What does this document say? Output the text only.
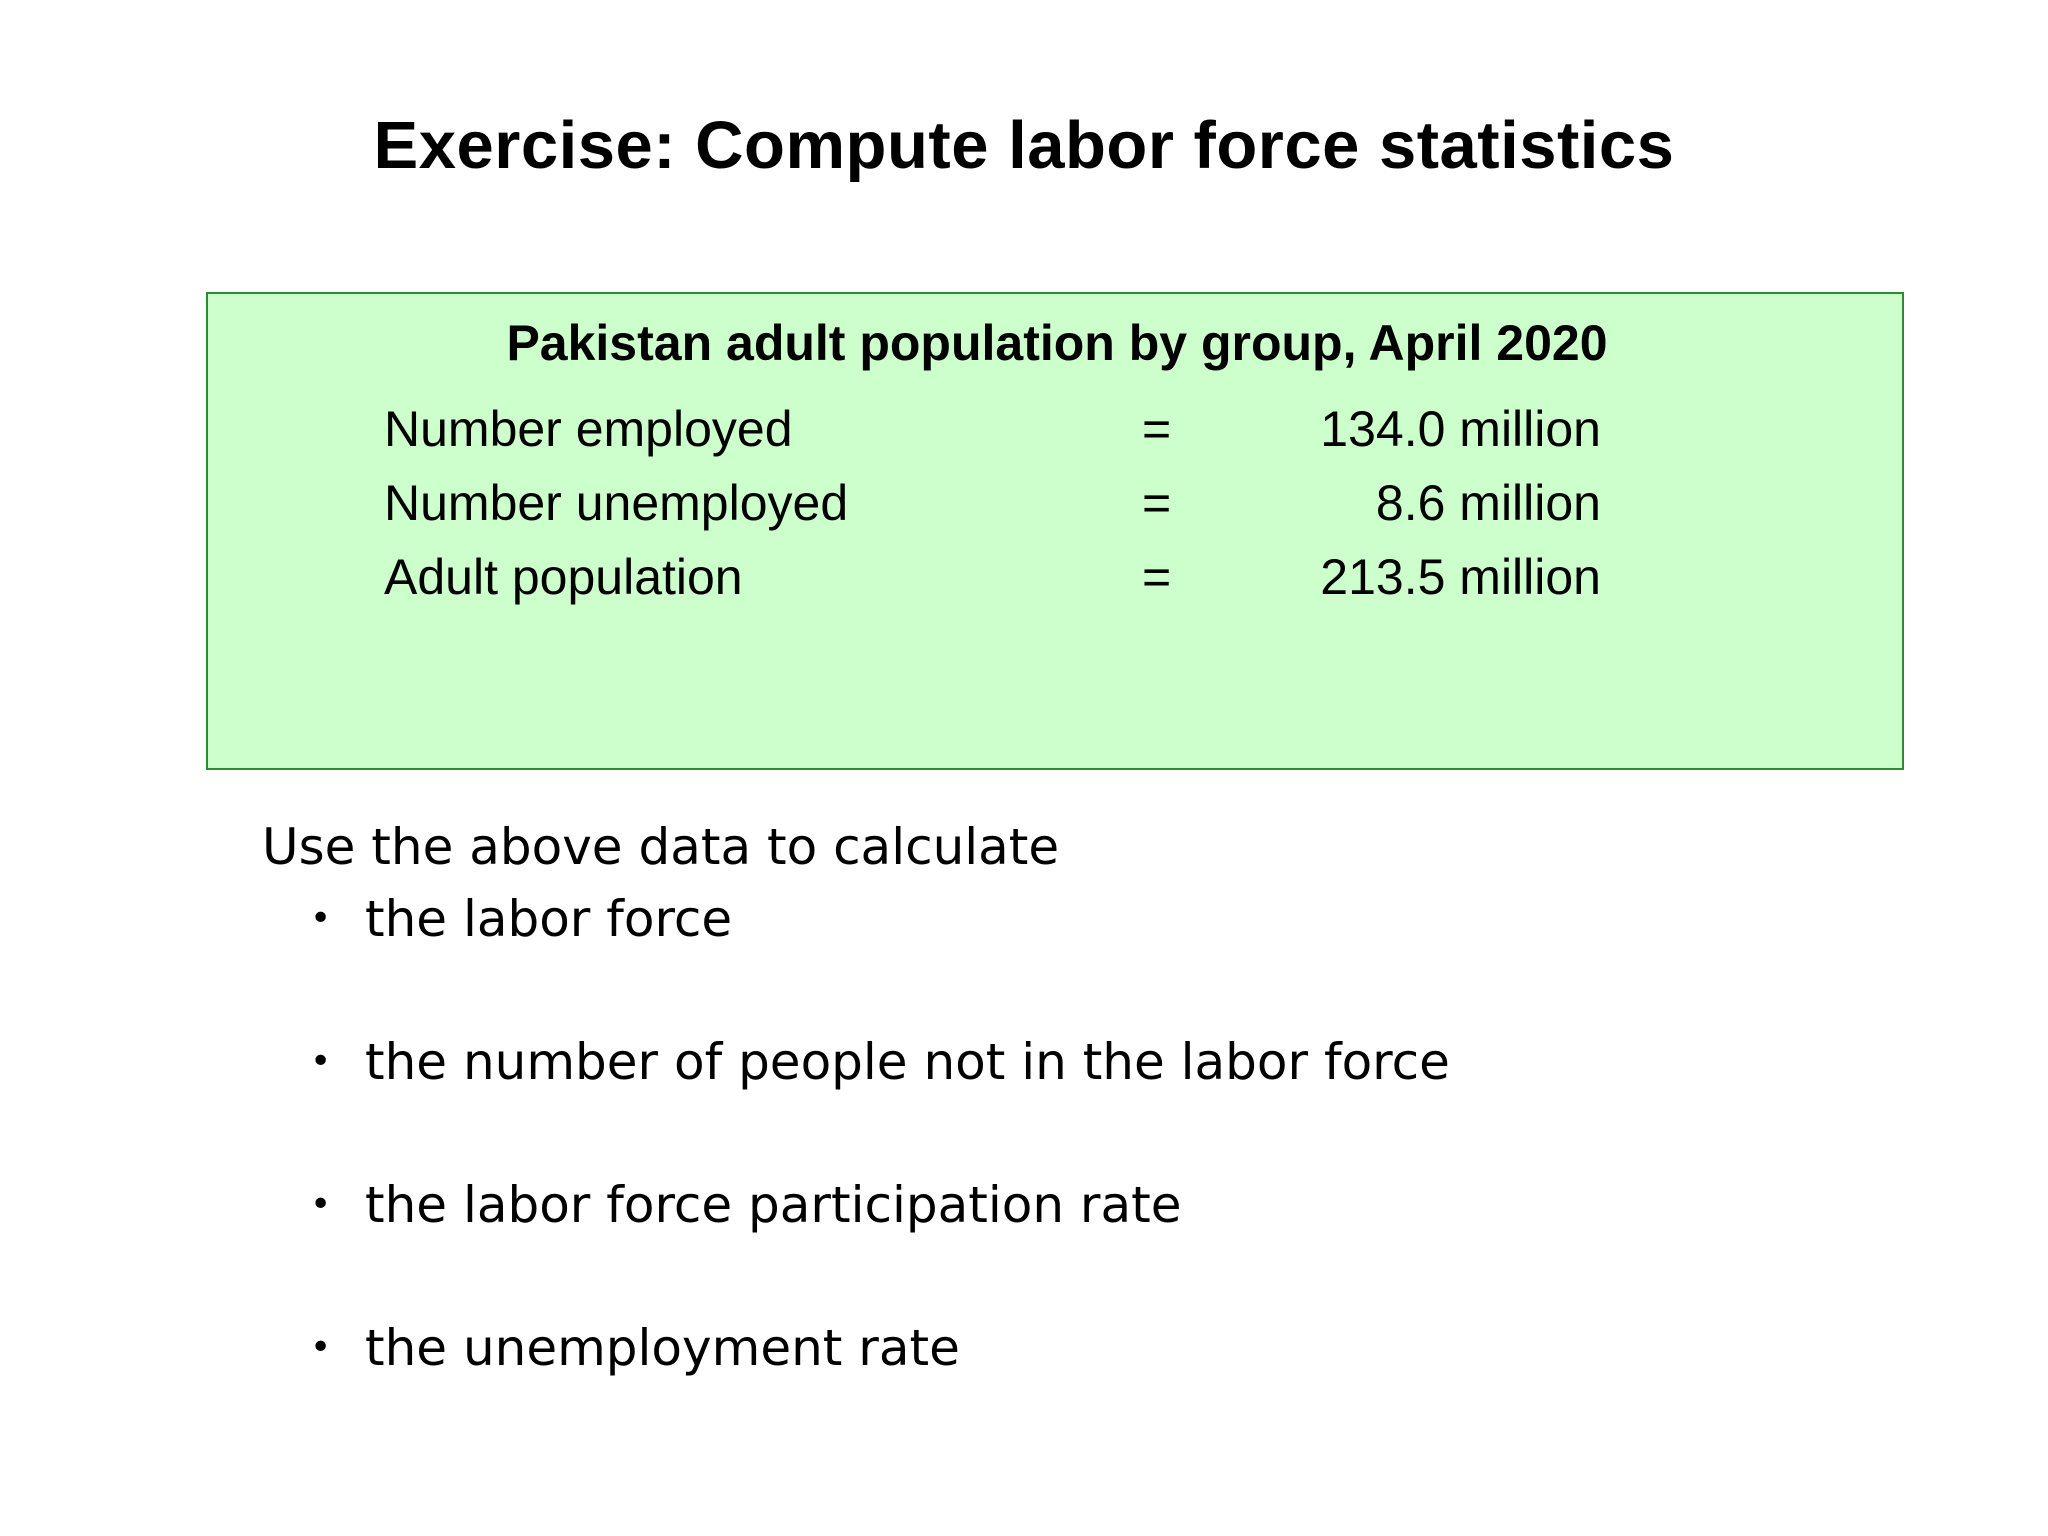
Exercise: Compute labor force statistics
Pakistan adult population by group, April 2020
Number employed	=	134.0 million
Number unemployed	=	8.6 million
Adult population	=	213.5 million
Use the above data to calculate
• the labor force
• the number of people not in the labor force
• the labor force participation rate
• the unemployment rate
